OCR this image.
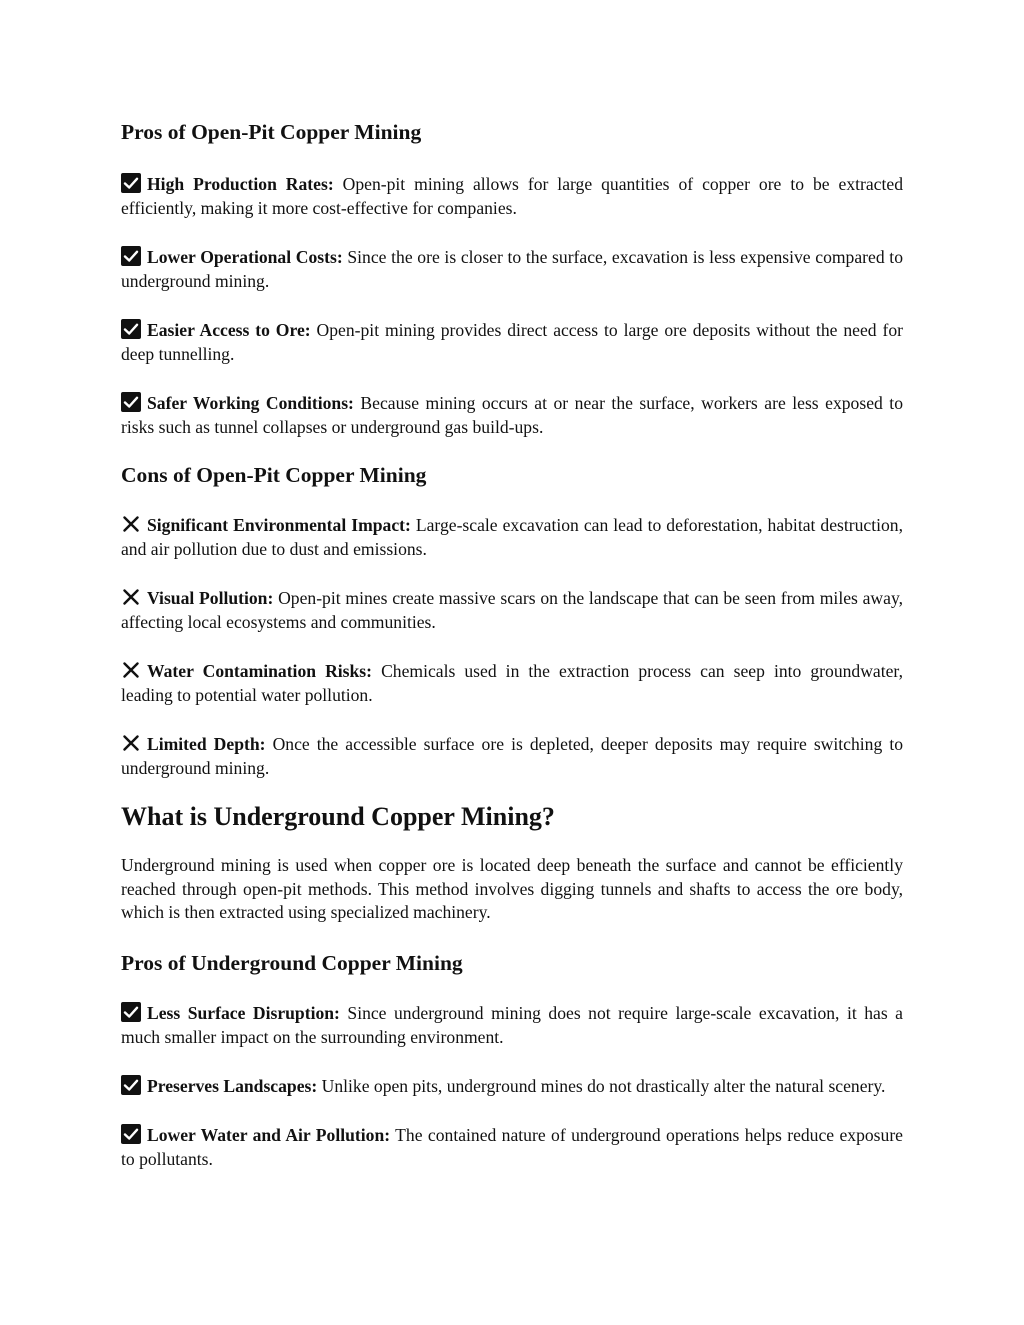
Pros of Open-Pit Copper Mining

High Production Rates: Open-pit mining allows for large quantities of copper ore to be extracted efficiently, making it more cost-effective for companies.

Lower Operational Costs: Since the ore is closer to the surface, excavation is less expensive compared to underground mining.

Easier Access to Ore: Open-pit mining provides direct access to large ore deposits without the need for deep tunnelling.

Safer Working Conditions: Because mining occurs at or near the surface, workers are less exposed to risks such as tunnel collapses or underground gas build-ups.

Cons of Open-Pit Copper Mining

Significant Environmental Impact: Large-scale excavation can lead to deforestation, habitat destruction, and air pollution due to dust and emissions.

Visual Pollution: Open-pit mines create massive scars on the landscape that can be seen from miles away, affecting local ecosystems and communities.

Water Contamination Risks: Chemicals used in the extraction process can seep into groundwater, leading to potential water pollution.

Limited Depth: Once the accessible surface ore is depleted, deeper deposits may require switching to underground mining.

What is Underground Copper Mining?

Underground mining is used when copper ore is located deep beneath the surface and cannot be efficiently reached through open-pit methods. This method involves digging tunnels and shafts to access the ore body, which is then extracted using specialized machinery.

Pros of Underground Copper Mining

Less Surface Disruption: Since underground mining does not require large-scale excavation, it has a much smaller impact on the surrounding environment.

Preserves Landscapes: Unlike open pits, underground mines do not drastically alter the natural scenery.

Lower Water and Air Pollution: The contained nature of underground operations helps reduce exposure to pollutants.
